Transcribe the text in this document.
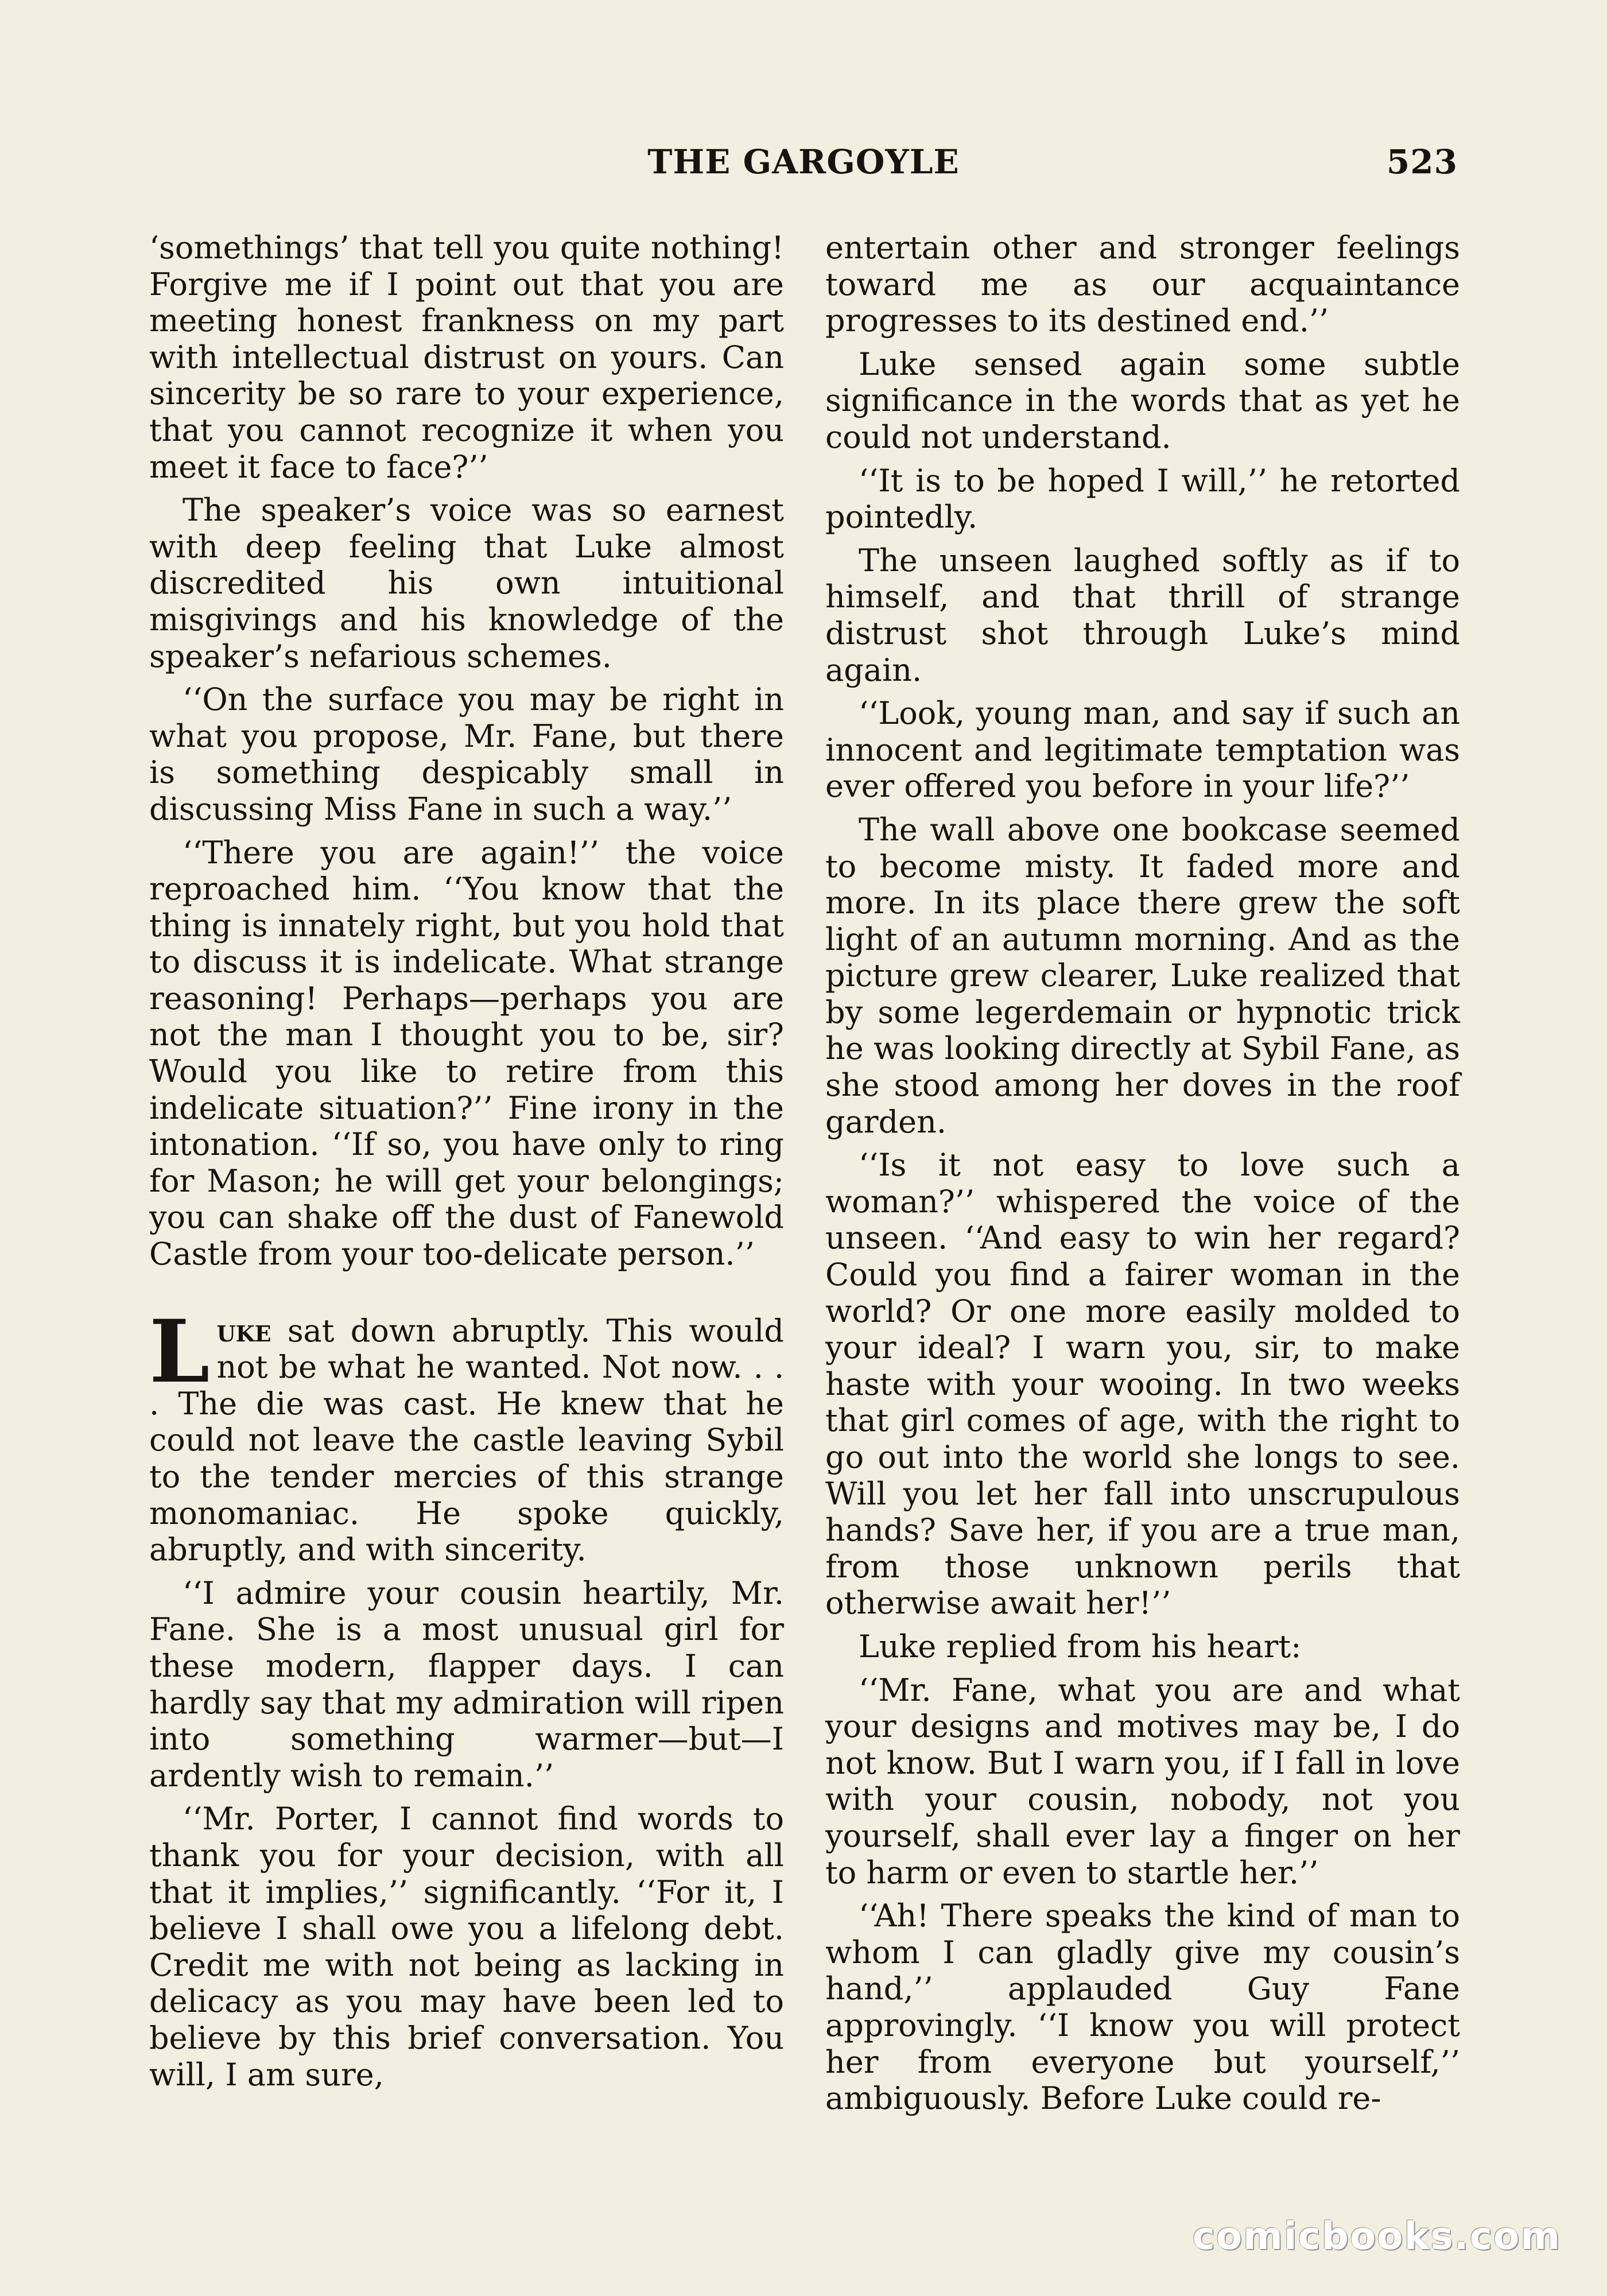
THE GARGOYLE	523

‘somethings’ that tell you quite nothing! Forgive me if I point out that you are meeting honest frankness on my part with intellectual distrust on yours. Can sincerity be so rare to your experience, that you cannot recognize it when you meet it face to face?’’

The speaker’s voice was so earnest with deep feeling that Luke almost discredited his own intuitional misgivings and his knowledge of the speaker’s nefarious schemes.

‘‘On the surface you may be right in what you propose, Mr. Fane, but there is something despicably small in discussing Miss Fane in such a way.’’

‘‘There you are again!’’ the voice reproached him. ‘‘You know that the thing is innately right, but you hold that to discuss it is indelicate. What strange reasoning! Perhaps—perhaps you are not the man I thought you to be, sir? Would you like to retire from this indelicate situation?’’ Fine irony in the intonation. ‘‘If so, you have only to ring for Mason; he will get your belongings; you can shake off the dust of Fanewold Castle from your too-delicate person.’’

Luke sat down abruptly. This would not be what he wanted. Not now. . . . The die was cast. He knew that he could not leave the castle leaving Sybil to the tender mercies of this strange monomaniac. He spoke quickly, abruptly, and with sincerity.

‘‘I admire your cousin heartily, Mr. Fane. She is a most unusual girl for these modern, flapper days. I can hardly say that my admiration will ripen into something warmer—but—I ardently wish to remain.’’

‘‘Mr. Porter, I cannot find words to thank you for your decision, with all that it implies,’’ significantly. ‘‘For it, I believe I shall owe you a lifelong debt. Credit me with not being as lacking in delicacy as you may have been led to believe by this brief conversation. You will, I am sure,

entertain other and stronger feelings toward me as our acquaintance progresses to its destined end.’’

Luke sensed again some subtle significance in the words that as yet he could not understand.

‘‘It is to be hoped I will,’’ he retorted pointedly.

The unseen laughed softly as if to himself, and that thrill of strange distrust shot through Luke’s mind again.

‘‘Look, young man, and say if such an innocent and legitimate temptation was ever offered you before in your life?’’

The wall above one bookcase seemed to become misty. It faded more and more. In its place there grew the soft light of an autumn morning. And as the picture grew clearer, Luke realized that by some legerdemain or hypnotic trick he was looking directly at Sybil Fane, as she stood among her doves in the roof garden.

‘‘Is it not easy to love such a woman?’’ whispered the voice of the unseen. ‘‘And easy to win her regard? Could you find a fairer woman in the world? Or one more easily molded to your ideal? I warn you, sir, to make haste with your wooing. In two weeks that girl comes of age, with the right to go out into the world she longs to see. Will you let her fall into unscrupulous hands? Save her, if you are a true man, from those unknown perils that otherwise await her!’’

Luke replied from his heart:

‘‘Mr. Fane, what you are and what your designs and motives may be, I do not know. But I warn you, if I fall in love with your cousin, nobody, not you yourself, shall ever lay a finger on her to harm or even to startle her.’’

‘‘Ah! There speaks the kind of man to whom I can gladly give my cousin’s hand,’’ applauded Guy Fane approvingly. ‘‘I know you will protect her from everyone but yourself,’’ ambiguously. Before Luke could re-

comicbooks.com
